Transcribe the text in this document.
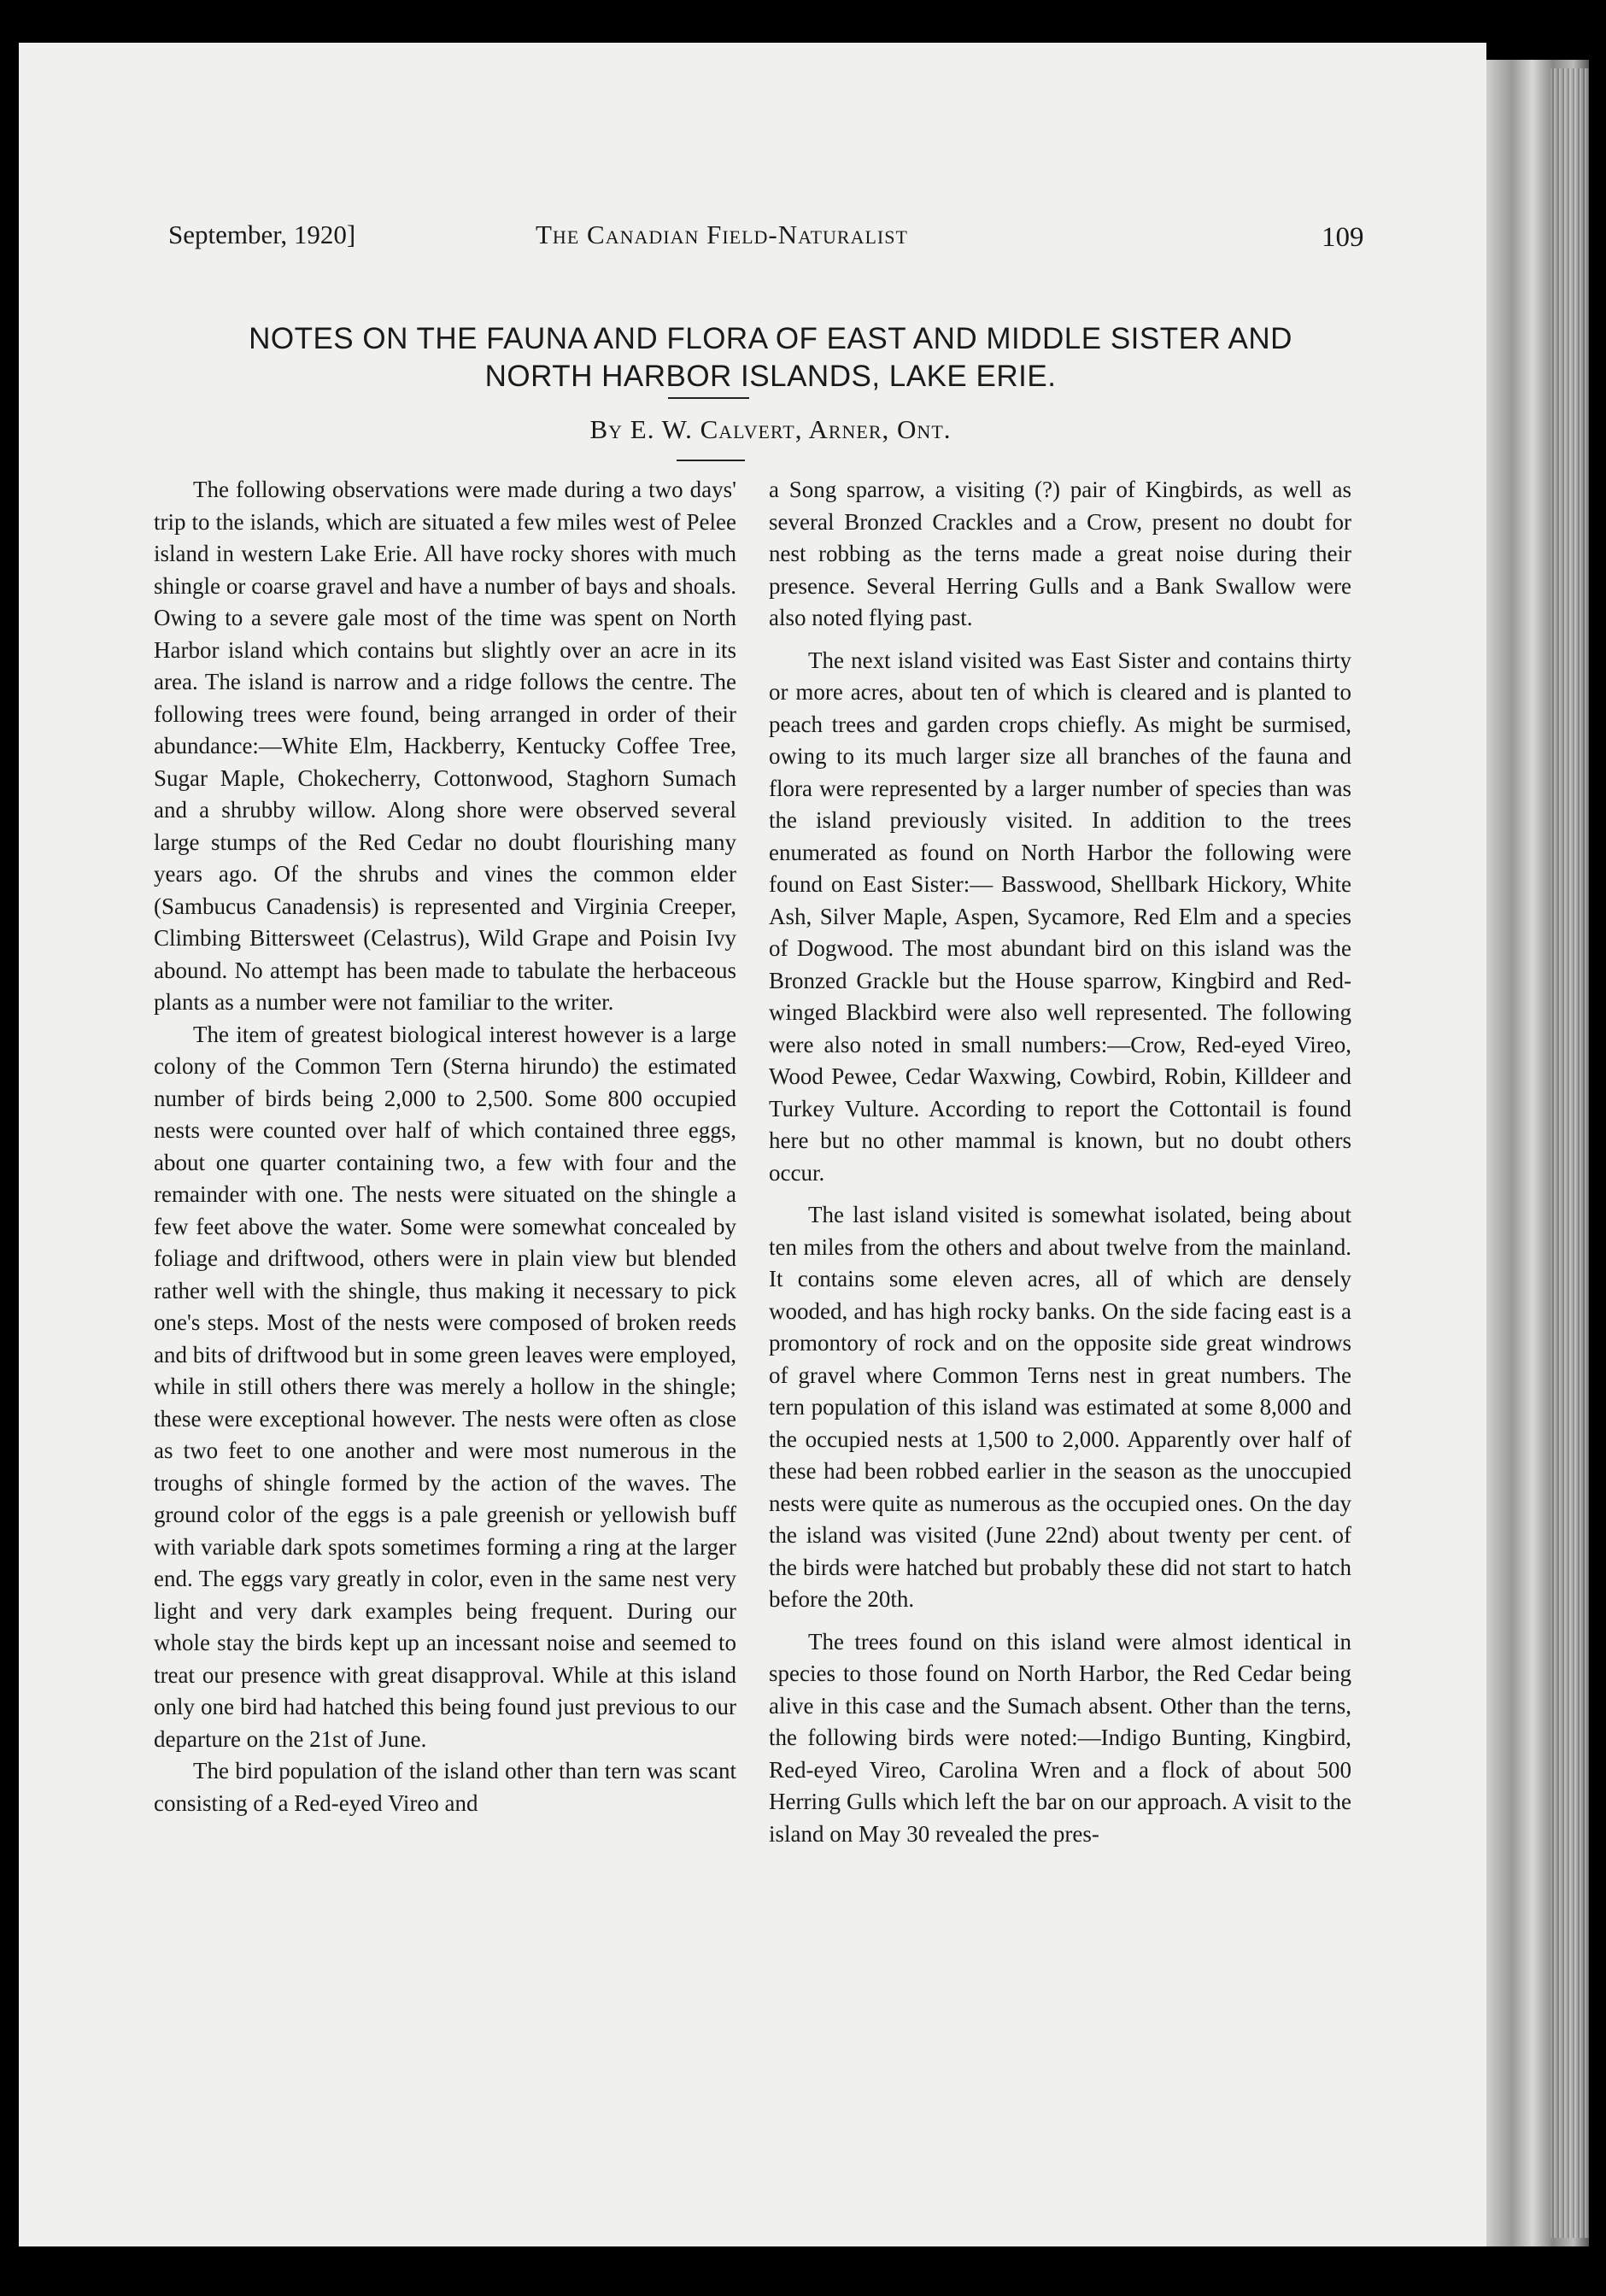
September, 1920]	The Canadian Field-Naturalist	109
NOTES ON THE FAUNA AND FLORA OF EAST AND MIDDLE SISTER AND
NORTH HARBOR ISLANDS, LAKE ERIE.
By E. W. Calvert, Arner, Ont.

The following observations were made during a two days' trip to the islands, which are situated a few miles west of Pelee island in western Lake Erie. All have rocky shores with much shingle or coarse gravel and have a number of bays and shoals. Owing to a severe gale most of the time was spent on North Harbor island which contains but slightly over an acre in its area. The island is narrow and a ridge follows the centre. The following trees were found, being arranged in order of their abundance:—White Elm, Hackberry, Kentucky Coffee Tree, Sugar Maple, Chokecherry, Cottonwood, Staghorn Sumach and a shrubby willow. Along shore were observed several large stumps of the Red Cedar no doubt flourishing many years ago. Of the shrubs and vines the common elder (Sambucus Canadensis) is represented and Virginia Creeper, Climbing Bittersweet (Celastrus), Wild Grape and Poisin Ivy abound. No attempt has been made to tabulate the herbaceous plants as a number were not familiar to the writer.

The item of greatest biological interest however is a large colony of the Common Tern (Sterna hirundo) the estimated number of birds being 2,000 to 2,500. Some 800 occupied nests were counted over half of which contained three eggs, about one quarter containing two, a few with four and the remainder with one. The nests were situated on the shingle a few feet above the water. Some were somewhat concealed by foliage and driftwood, others were in plain view but blended rather well with the shingle, thus making it necessary to pick one's steps. Most of the nests were composed of broken reeds and bits of driftwood but in some green leaves were employed, while in still others there was merely a hollow in the shingle; these were exceptional however. The nests were often as close as two feet to one another and were most numerous in the troughs of shingle formed by the action of the waves. The ground color of the eggs is a pale greenish or yellowish buff with variable dark spots sometimes forming a ring at the larger end. The eggs vary greatly in color, even in the same nest very light and very dark examples being frequent. During our whole stay the birds kept up an incessant noise and seemed to treat our presence with great disapproval. While at this island only one bird had hatched this being found just previous to our departure on the 21st of June.

The bird population of the island other than tern was scant consisting of a Red-eyed Vireo and

a Song sparrow, a visiting (?) pair of Kingbirds, as well as several Bronzed Crackles and a Crow, present no doubt for nest robbing as the terns made a great noise during their presence. Several Herring Gulls and a Bank Swallow were also noted flying past.

The next island visited was East Sister and contains thirty or more acres, about ten of which is cleared and is planted to peach trees and garden crops chiefly. As might be surmised, owing to its much larger size all branches of the fauna and flora were represented by a larger number of species than was the island previously visited. In addition to the trees enumerated as found on North Harbor the following were found on East Sister:— Basswood, Shellbark Hickory, White Ash, Silver Maple, Aspen, Sycamore, Red Elm and a species of Dogwood. The most abundant bird on this island was the Bronzed Grackle but the House sparrow, Kingbird and Red-winged Blackbird were also well represented. The following were also noted in small numbers:—Crow, Red-eyed Vireo, Wood Pewee, Cedar Waxwing, Cowbird, Robin, Killdeer and Turkey Vulture. According to report the Cottontail is found here but no other mammal is known, but no doubt others occur.

The last island visited is somewhat isolated, being about ten miles from the others and about twelve from the mainland. It contains some eleven acres, all of which are densely wooded, and has high rocky banks. On the side facing east is a promontory of rock and on the opposite side great windrows of gravel where Common Terns nest in great numbers. The tern population of this island was estimated at some 8,000 and the occupied nests at 1,500 to 2,000. Apparently over half of these had been robbed earlier in the season as the unoccupied nests were quite as numerous as the occupied ones. On the day the island was visited (June 22nd) about twenty per cent. of the birds were hatched but probably these did not start to hatch before the 20th.

The trees found on this island were almost identical in species to those found on North Harbor, the Red Cedar being alive in this case and the Sumach absent. Other than the terns, the following birds were noted:—Indigo Bunting, Kingbird, Red-eyed Vireo, Carolina Wren and a flock of about 500 Herring Gulls which left the bar on our approach. A visit to the island on May 30 revealed the pres-
